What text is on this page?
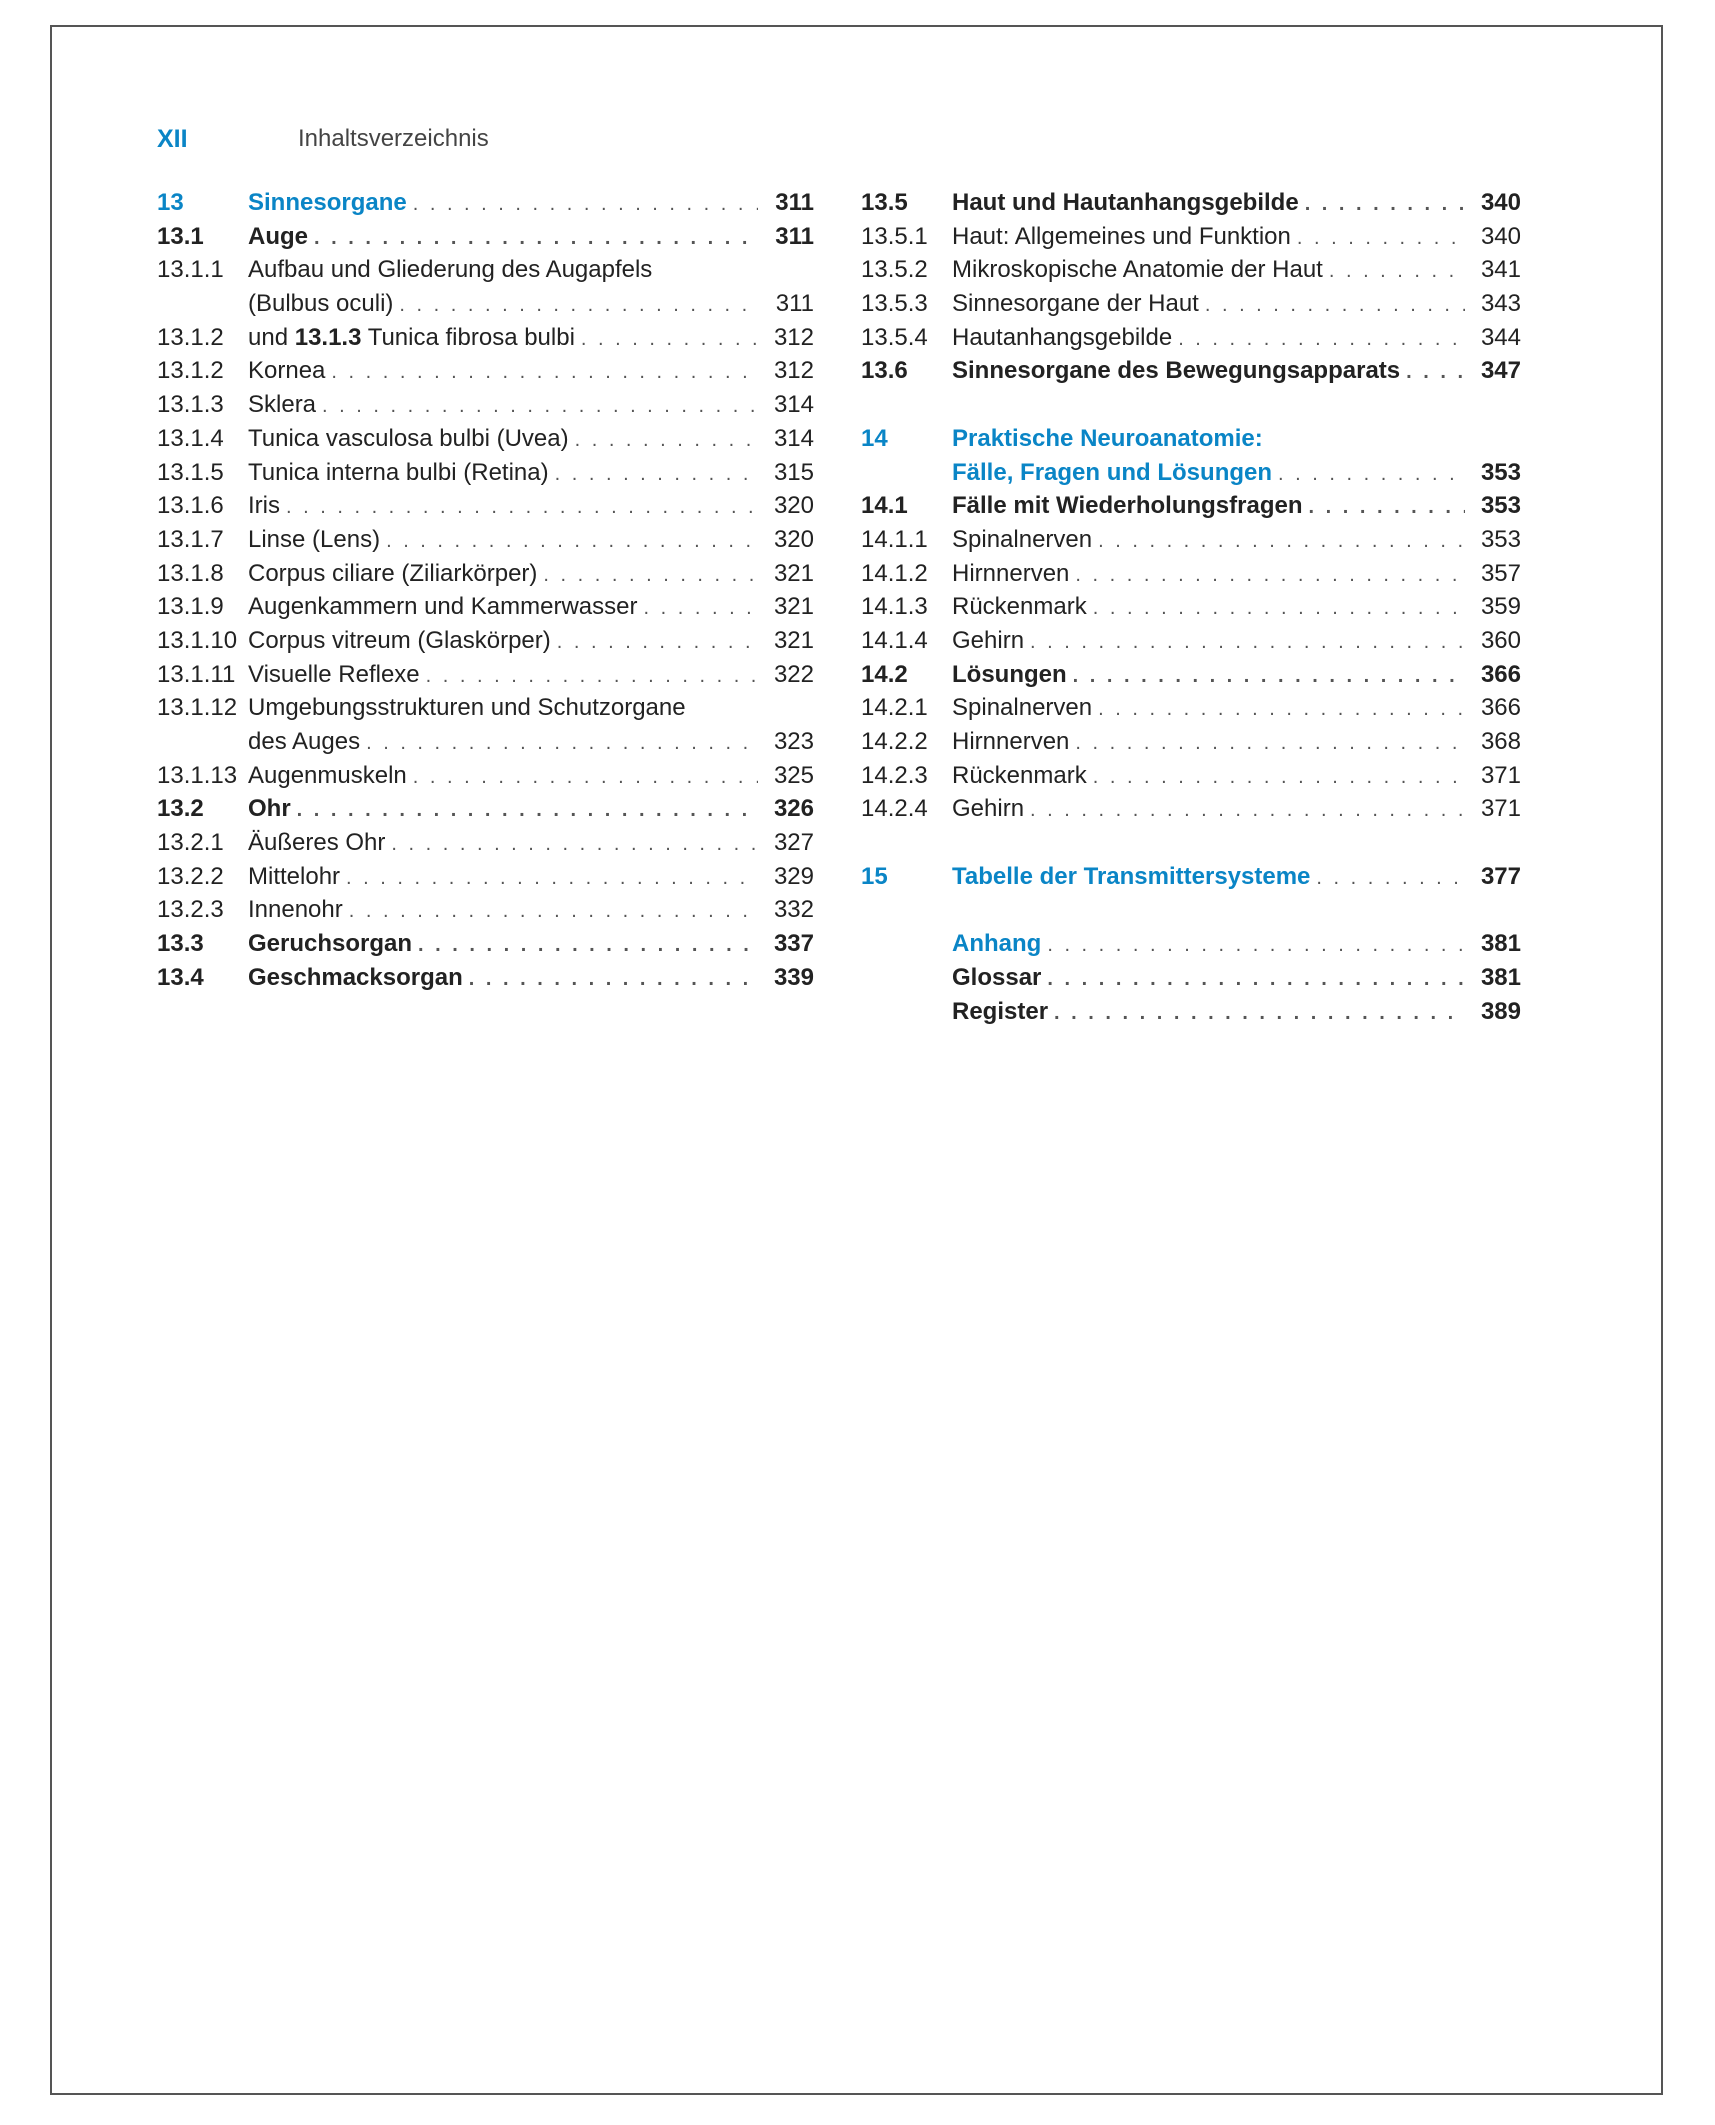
XII	Inhaltsverzeichnis
13	Sinnesorgane . . .	311
13.1	Auge . . .	311
13.1.1	Aufbau und Gliederung des Augapfels
(Bulbus oculi) . . .	311
13.1.2	und 13.1.3 Tunica fibrosa bulbi . . .	312
13.1.2	Kornea . . .	312
13.1.3	Sklera . . .	314
13.1.4	Tunica vasculosa bulbi (Uvea) . . .	314
13.1.5	Tunica interna bulbi (Retina) . . .	315
13.1.6	Iris . . .	320
13.1.7	Linse (Lens) . . .	320
13.1.8	Corpus ciliare (Ziliarkörper) . . .	321
13.1.9	Augenkammern und Kammerwasser . . .	321
13.1.10 Corpus vitreum (Glaskörper) . . .	321
13.1.11 Visuelle Reflexe . . .	322
13.1.12 Umgebungsstrukturen und Schutzorgane
des Auges . . .	323
13.1.13 Augenmuskeln . . .	325
13.2	Ohr . . .	326
13.2.1	Äußeres Ohr . . .	327
13.2.2	Mittelohr . . .	329
13.2.3	Innenohr . . .	332
13.3	Geruchsorgan . . .	337
13.4	Geschmacksorgan . . .	339
13.5	Haut und Hautanhangsgebilde . . .	340
13.5.1	Haut: Allgemeines und Funktion . . .	340
13.5.2	Mikroskopische Anatomie der Haut . . .	341
13.5.3	Sinnesorgane der Haut . . .	343
13.5.4	Hautanhangsgebilde . . .	344
13.6	Sinnesorgane des Bewegungsapparats . . .	347
14	Praktische Neuroanatomie:
Fälle, Fragen und Lösungen . . .	353
14.1	Fälle mit Wiederholungsfragen . . .	353
14.1.1	Spinalnerven . . .	353
14.1.2	Hirnnerven . . .	357
14.1.3	Rückenmark . . .	359
14.1.4	Gehirn . . .	360
14.2	Lösungen . . .	366
14.2.1	Spinalnerven . . .	366
14.2.2	Hirnnerven . . .	368
14.2.3	Rückenmark . . .	371
14.2.4	Gehirn . . .	371
15	Tabelle der Transmittersysteme . . .	377
Anhang . . .	381
Glossar . . .	381
Register . . .	389
